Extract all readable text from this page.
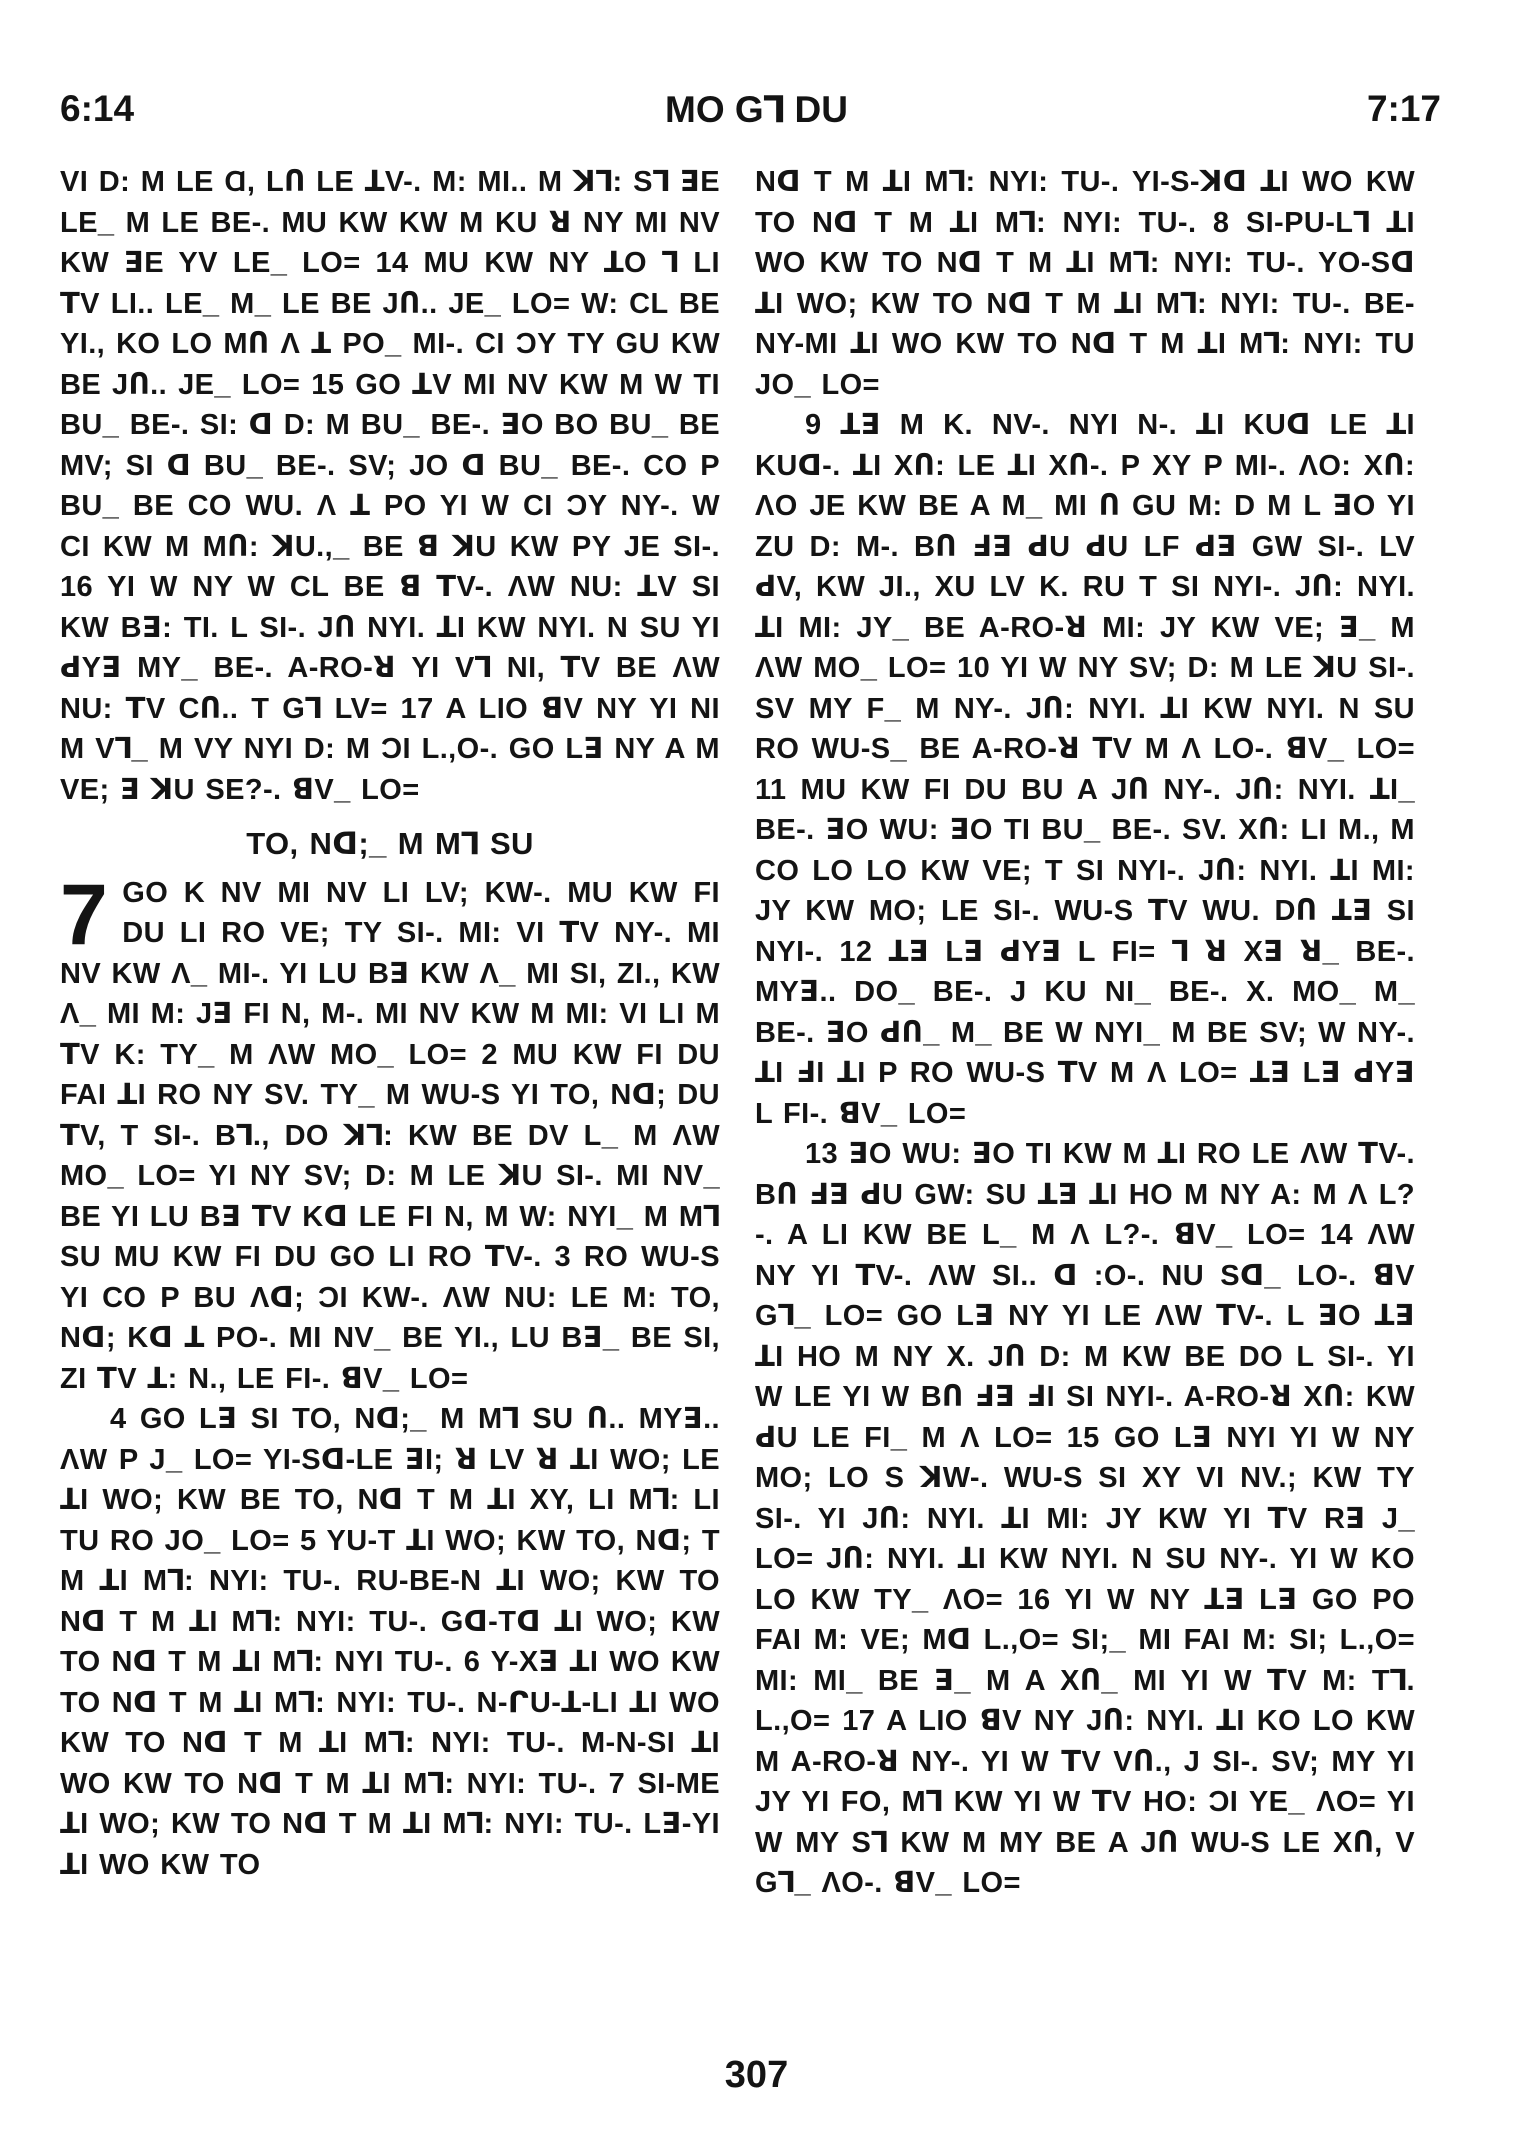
MO Gꓶ DU
6:14	7:17

VI D: M LE Ɑ, LՈ LE ꓕV-. M: MI.. M ꓘꓶ: Sꓶ ꓱE LE_ M LE BE-. MU KW KW M KU ꓤ NY MI NV KW ꓱE YV LE_ LO= 14 MU KW NY ꓕO ꓶ LI ꓔV LI.. LE_ M_ LE BE JՈ.. JE_ LO= W: CL BE YI., KO LO MՈ Λ ꓕ PO_ MI-. CI ƆY TY GU KW BE JՈ.. JE_ LO= 15 GO ꓕV MI NV KW M W TI BU_ BE-. SI: ꓷ D: M BU_ BE-. ꓱO BO BU_ BE MV; SI ꓷ BU_ BE-. SV; JO ꓷ BU_ BE-. CO P BU_ BE CO WU. Λ ꓕ PO YI W CI ƆY NY-. W CI KW M MՈ: ꓘU.,_ BE ꓭ ꓘU KW PY JE SI-. 16 YI W NY W CL BE ꓭ ꓔV-. ΛW NU: ꓕV SI KW Bꓱ: TI. L SI-. JՈ NYI. ꓕI KW NYI. N SU YI ꓒYꓱ MY_ BE-. A-RO-ꓤ YI Vꓶ NI, ꓔV BE ΛW NU: ꓔV CՈ.. T Gꓶ LV= 17 A LIO ꓭV NY YI NI M Vꓶ_ M VY NYI D: M ƆI L.,O-. GO Lꓱ NY A M VE; ꓱ ꓘU SE?-. ꓭV_ LO=

TO, Nꓷ;_ M Mꓶ SU

7 GO K NV MI NV LI LV; KW-. MU KW FI DU LI RO VE; TY SI-. MI: VI ꓔV NY-. MI NV KW Λ_ MI-. YI LU Bꓱ KW Λ_ MI SI, ZI., KW Λ_ MI M: Jꓱ FI N, M-. MI NV KW M MI: VI LI M ꓔV K: TY_ M ΛW MO_ LO= 2 MU KW FI DU FAI ꓕI RO NY SV. TY_ M WU-S YI TO, Nꓷ; DU ꓔV, T SI-. Bꓶ., DO ꓘꓶ: KW BE DV L_ M ΛW MO_ LO= YI NY SV; D: M LE ꓘU SI-. MI NV_ BE YI LU Bꓱ ꓔV Kꓷ LE FI N, M W: NYI_ M Mꓶ SU MU KW FI DU GO LI RO ꓔV-. 3 RO WU-S YI CO P BU Λꓷ; ƆI KW-. ΛW NU: LE M: TO, Nꓷ; Kꓷ ꓕ PO-. MI NV_ BE YI., LU Bꓱ_ BE SI, ZI ꓔV ꓕ: N., LE FI-. ꓭV_ LO=

4 GO Lꓱ SI TO, Nꓷ;_ M Mꓶ SU Ո.. MYꓱ.. ΛW P J_ LO= YI-Sꓷ-LE ꓱI; ꓤ LV ꓤ ꓕI WO; LE ꓕI WO; KW BE TO, Nꓷ T M ꓕI XY, LI Mꓶ: LI TU RO JO_ LO= 5 YU-T ꓕI WO; KW TO, Nꓷ; T M ꓕI Mꓶ: NYI: TU-. RU-BE-N ꓕI WO; KW TO Nꓷ T M ꓕI Mꓶ: NYI: TU-. Gꓷ-Tꓷ ꓕI WO; KW TO Nꓷ T M ꓕI Mꓶ: NYI TU-. 6 Y-Xꓱ ꓕI WO KW TO Nꓷ T M ꓕI Mꓶ: NYI: TU-. N-ᒋU-ꓕ-LI ꓕI WO KW TO Nꓷ T M ꓕI Mꓶ: NYI: TU-. M-N-SI ꓕI WO KW TO Nꓷ T M ꓕI Mꓶ: NYI: TU-. 7 SI-ME ꓕI WO; KW TO Nꓷ T M ꓕI Mꓶ: NYI: TU-. Lꓱ-YI ꓕI WO KW TO

Nꓷ T M ꓕI Mꓶ: NYI: TU-. YI-S-ꓘꓷ ꓕI WO KW TO Nꓷ T M ꓕI Mꓶ: NYI: TU-. 8 SI-PU-Lꓶ ꓕI WO KW TO Nꓷ T M ꓕI Mꓶ: NYI: TU-. YO-Sꓷ ꓕI WO; KW TO Nꓷ T M ꓕI Mꓶ: NYI: TU-. BE-NY-MI ꓕI WO KW TO Nꓷ T M ꓕI Mꓶ: NYI: TU JO_ LO=

9 ꓕꓱ M K. NV-. NYI N-. ꓕI KUꓷ LE ꓕI KUꓷ-. ꓕI XՈ: LE ꓕI XՈ-. P XY P MI-. ΛO: XՈ: ΛO JE KW BE A M_ MI Ո GU M: D M L ꓱO YI ZU D: M-. BՈ ꓞꓱ ꓒU ꓒU LF ꓒꓱ GW SI-. LV ꓒV, KW JI., XU LV K. RU T SI NYI-. JՈ: NYI. ꓕI MI: JY_ BE A-RO-ꓤ MI: JY KW VE; ꓱ_ M ΛW MO_ LO= 10 YI W NY SV; D: M LE ꓘU SI-. SV MY F_ M NY-. JՈ: NYI. ꓕI KW NYI. N SU RO WU-S_ BE A-RO-ꓤ ꓔV M Λ LO-. ꓭV_ LO= 11 MU KW FI DU BU A JՈ NY-. JՈ: NYI. ꓕI_ BE-. ꓱO WU: ꓱO TI BU_ BE-. SV. XՈ: LI M., M CO LO LO KW VE; T SI NYI-. JՈ: NYI. ꓕI MI: JY KW MO; LE SI-. WU-S ꓔV WU. DՈ ꓕꓱ SI NYI-. 12 ꓕꓱ Lꓱ ꓒYꓱ L FI= ꓶ ꓤ Xꓱ ꓤ_ BE-. MYꓱ.. DO_ BE-. J KU NI_ BE-. X. MO_ M_ BE-. ꓱO ꓒՈ_ M_ BE W NYI_ M BE SV; W NY-. ꓕI ꓞI ꓕI P RO WU-S ꓔV M Λ LO= ꓕꓱ Lꓱ ꓒYꓱ L FI-. ꓭV_ LO=

13 ꓱO WU: ꓱO TI KW M ꓕI RO LE ΛW ꓔV-. BՈ ꓞꓱ ꓒU GW: SU ꓕꓱ ꓕI HO M NY A: M Λ L?-. A LI KW BE L_ M Λ L?-. ꓭV_ LO= 14 ΛW NY YI ꓔV-. ΛW SI.. ꓷ :O-. NU Sꓷ_ LO-. ꓭV Gꓶ_ LO= GO Lꓱ NY YI LE ΛW ꓔV-. L ꓱO ꓕꓱ ꓕI HO M NY X. JՈ D: M KW BE DO L SI-. YI W LE YI W BՈ ꓞꓱ ꓞI SI NYI-. A-RO-ꓤ XՈ: KW ꓒU LE FI_ M Λ LO= 15 GO Lꓱ NYI YI W NY MO; LO S ꓘW-. WU-S SI XY VI NV.; KW TY SI-. YI JՈ: NYI. ꓕI MI: JY KW YI ꓔV Rꓱ J_ LO= JՈ: NYI. ꓕI KW NYI. N SU NY-. YI W KO LO KW TY_ ΛO= 16 YI W NY ꓕꓱ Lꓱ GO PO FAI M: VE; Mꓷ L.,O= SI;_ MI FAI M: SI; L.,O= MI: MI_ BE ꓱ_ M A XՈ_ MI YI W ꓔV M: Tꓶ. L.,O= 17 A LIO ꓭV NY JՈ: NYI. ꓕI KO LO KW M A-RO-ꓤ NY-. YI W ꓔV VՈ., J SI-. SV; MY YI JY YI FO, Mꓶ KW YI W ꓔV HO: ƆI YE_ ΛO= YI W MY Sꓶ KW M MY BE A JՈ WU-S LE XՈ, V Gꓶ_ ΛO-. ꓭV_ LO=

307
